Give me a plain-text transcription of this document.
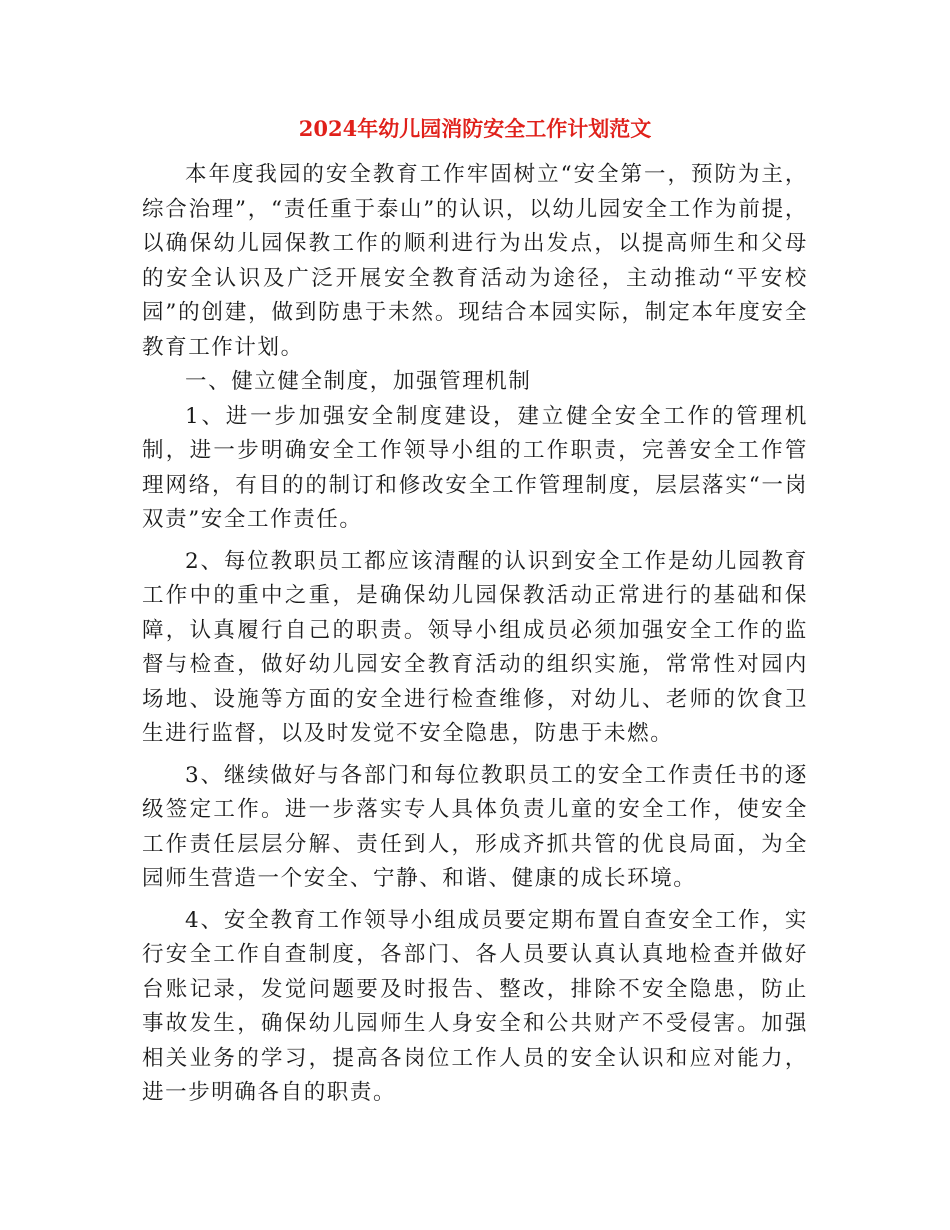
2024年幼儿园消防安全工作计划范文

本年度我园的安全教育工作牢固树立“安全第一，预防为主，综合治理”，“责任重于泰山”的认识，以幼儿园安全工作为前提，以确保幼儿园保教工作的顺利进行为出发点，以提高师生和父母的安全认识及广泛开展安全教育活动为途径，主动推动“平安校园”的创建，做到防患于未然。现结合本园实际，制定本年度安全教育工作计划。

一、健立健全制度，加强管理机制

1、进一步加强安全制度建设，建立健全安全工作的管理机制，进一步明确安全工作领导小组的工作职责，完善安全工作管理网络，有目的的制订和修改安全工作管理制度，层层落实“一岗双责”安全工作责任。

2、每位教职员工都应该清醒的认识到安全工作是幼儿园教育工作中的重中之重，是确保幼儿园保教活动正常进行的基础和保障，认真履行自己的职责。领导小组成员必须加强安全工作的监督与检查，做好幼儿园安全教育活动的组织实施，常常性对园内场地、设施等方面的安全进行检查维修，对幼儿、老师的饮食卫生进行监督，以及时发觉不安全隐患，防患于未燃。

3、继续做好与各部门和每位教职员工的安全工作责任书的逐级签定工作。进一步落实专人具体负责儿童的安全工作，使安全工作责任层层分解、责任到人，形成齐抓共管的优良局面，为全园师生营造一个安全、宁静、和谐、健康的成长环境。

4、安全教育工作领导小组成员要定期布置自查安全工作，实行安全工作自查制度，各部门、各人员要认真认真地检查并做好台账记录，发觉问题要及时报告、整改，排除不安全隐患，防止事故发生，确保幼儿园师生人身安全和公共财产不受侵害。加强相关业务的学习，提高各岗位工作人员的安全认识和应对能力，进一步明确各自的职责。
